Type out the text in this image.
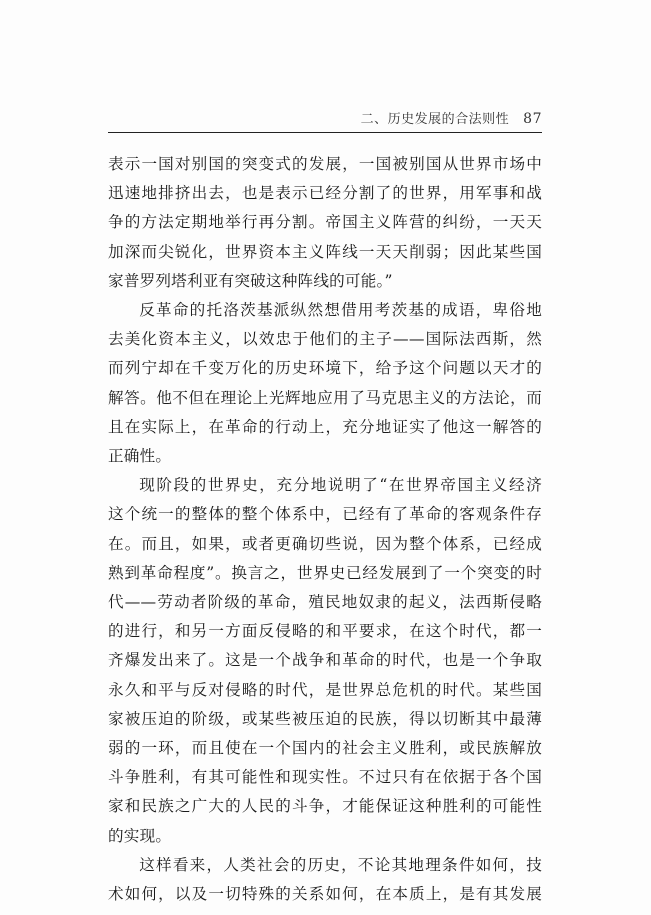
二、历史发展的合法则性 87
表示一国对别国的突变式的发展，一国被别国从世界市场中
迅速地排挤出去，也是表示已经分割了的世界，用军事和战
争的方法定期地举行再分割。帝国主义阵营的纠纷，一天天
加深而尖锐化，世界资本主义阵线一天天削弱；因此某些国
家普罗列塔利亚有突破这种阵线的可能。”
反革命的托洛茨基派纵然想借用考茨基的成语，卑俗地
去美化资本主义，以效忠于他们的主子——国际法西斯，然
而列宁却在千变万化的历史环境下，给予这个问题以天才的
解答。他不但在理论上光辉地应用了马克思主义的方法论，而
且在实际上，在革命的行动上，充分地证实了他这一解答的
正确性。
现阶段的世界史，充分地说明了“在世界帝国主义经济
这个统一的整体的整个体系中，已经有了革命的客观条件存
在。而且，如果，或者更确切些说，因为整个体系，已经成
熟到革命程度”。换言之，世界史已经发展到了一个突变的时
代——劳动者阶级的革命，殖民地奴隶的起义，法西斯侵略
的进行，和另一方面反侵略的和平要求，在这个时代，都一
齐爆发出来了。这是一个战争和革命的时代，也是一个争取
永久和平与反对侵略的时代，是世界总危机的时代。某些国
家被压迫的阶级，或某些被压迫的民族，得以切断其中最薄
弱的一环，而且使在一个国内的社会主义胜利，或民族解放
斗争胜利，有其可能性和现实性。不过只有在依据于各个国
家和民族之广大的人民的斗争，才能保证这种胜利的可能性
的实现。
这样看来，人类社会的历史，不论其地理条件如何，技
术如何，以及一切特殊的关系如何，在本质上，是有其发展
